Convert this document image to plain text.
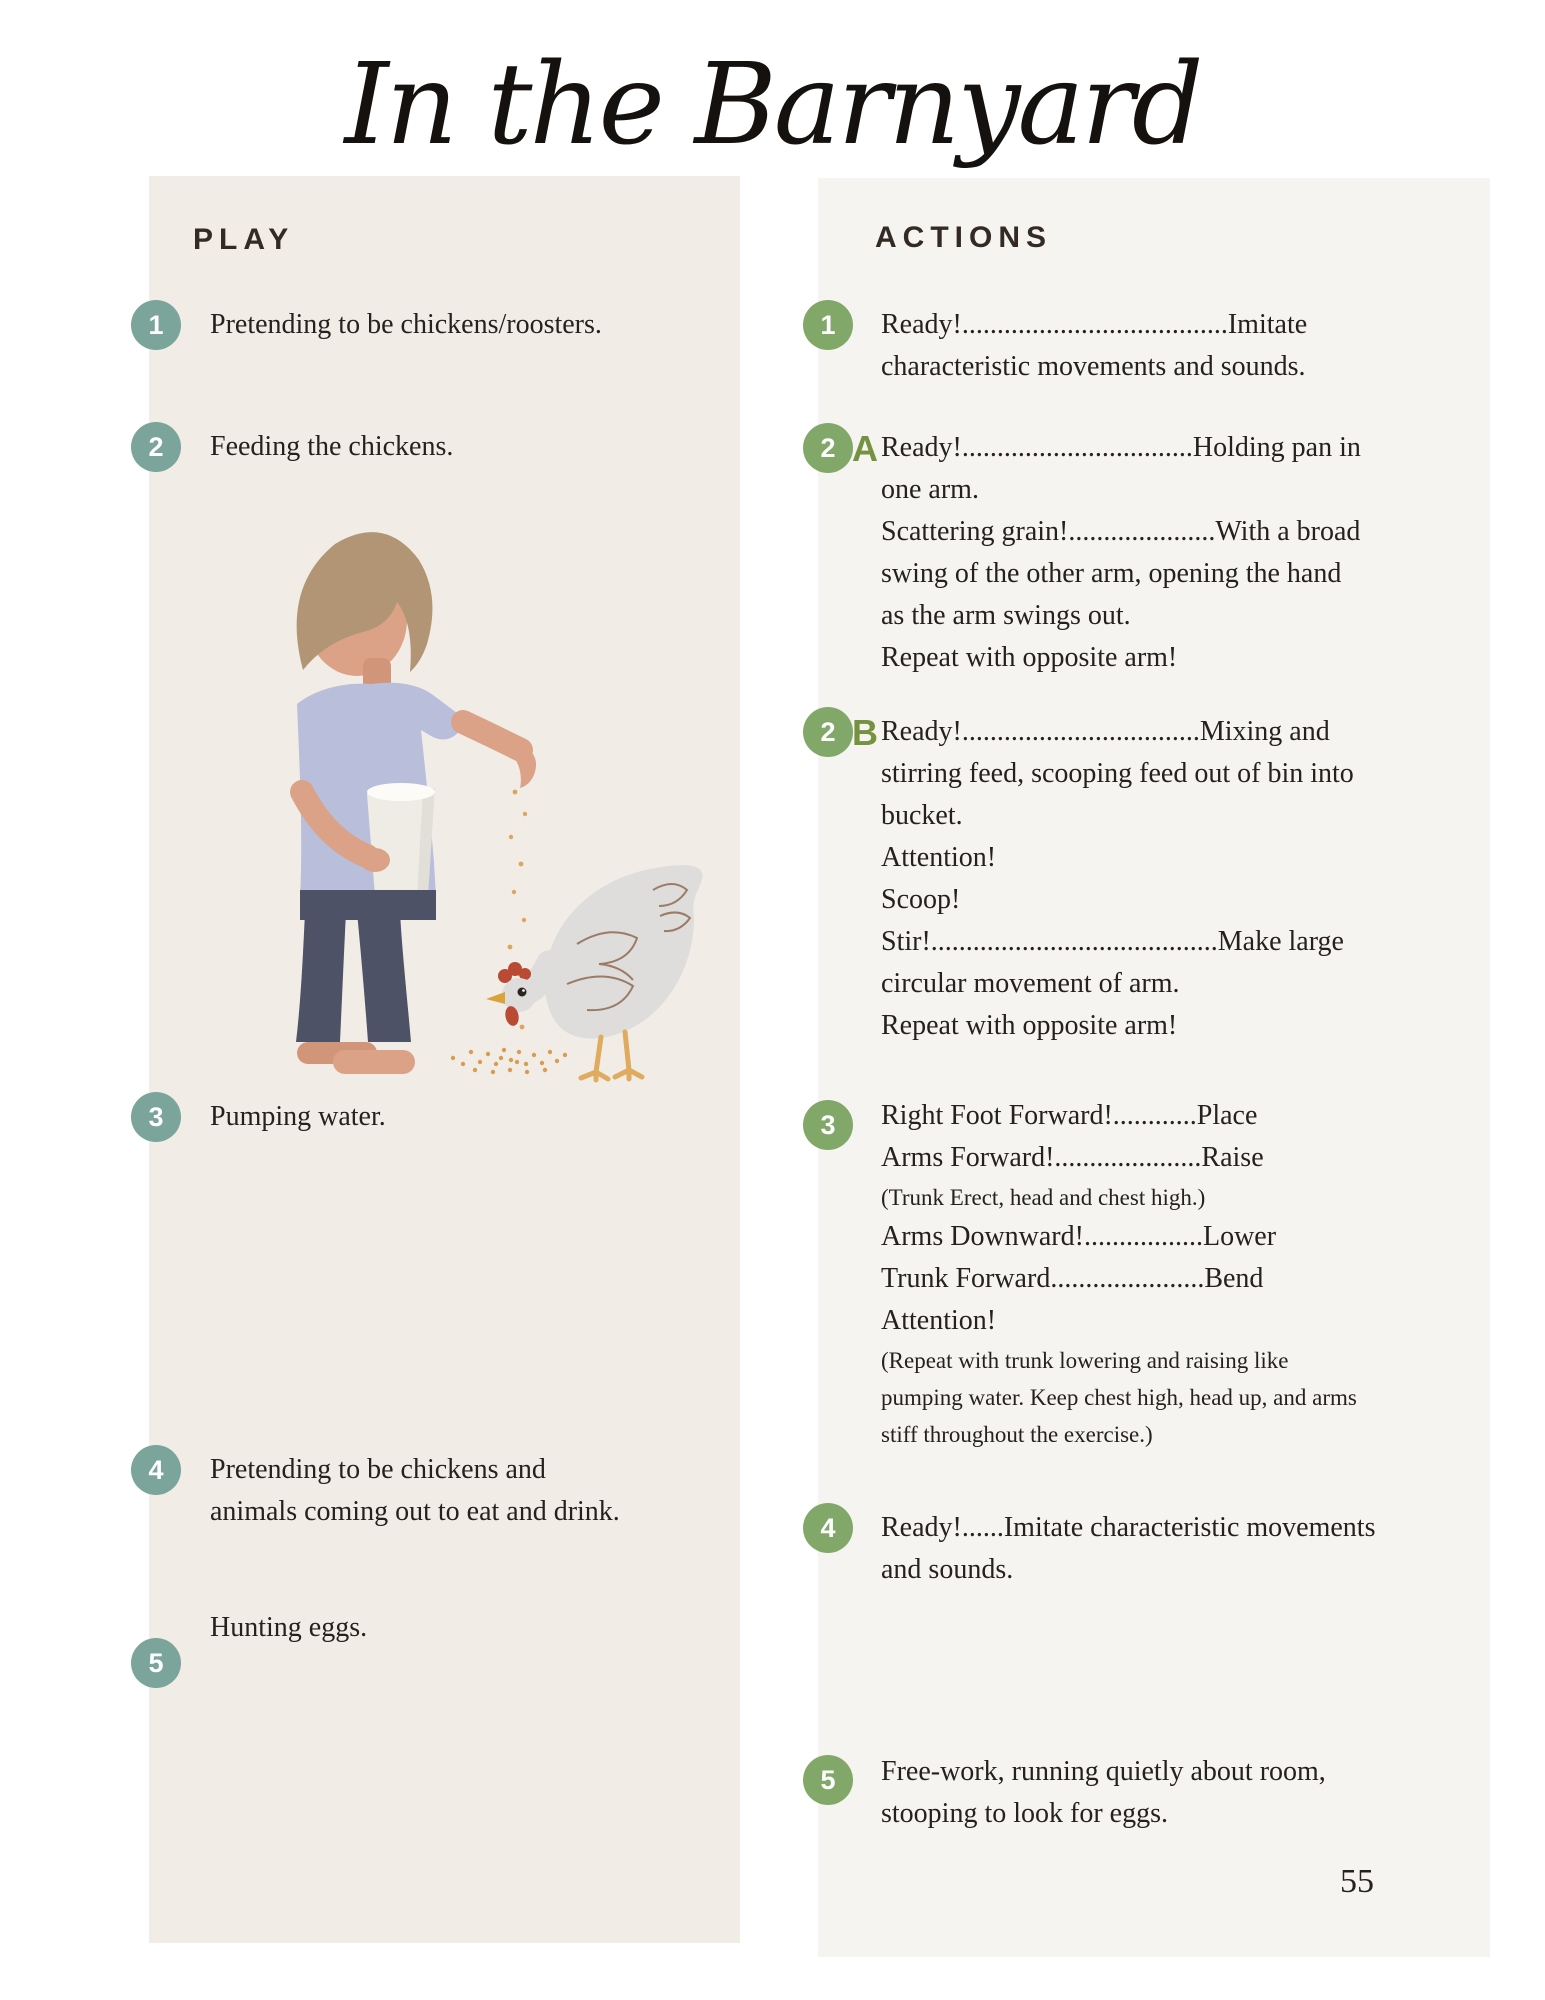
In the Barnyard
PLAY	ACTIONS
55
1	Pretending to be chickens/roosters.
2	Feeding the chickens.
3	Pumping water.
4	Pretending to be chickens and
animals coming out to eat and drink.
5
Hunting eggs.
1	Ready!......................................Imitate
characteristic movements and sounds.
2 A Ready!.................................Holding pan in
one arm.
Scattering grain!.....................With a broad
swing of the other arm, opening the hand
as the arm swings out.
Repeat with opposite arm!
2 B Ready!..................................Mixing and
stirring feed, scooping feed out of bin into
bucket.
Attention!
Scoop!
Stir!.........................................Make large
circular movement of arm.
Repeat with opposite arm!
3	Right Foot Forward!............Place
Arms Forward!.....................Raise
(Trunk Erect, head and chest high.)
Arms Downward!.................Lower
Trunk Forward......................Bend
Attention!
(Repeat with trunk lowering and raising like
pumping water. Keep chest high, head up, and arms
stiff throughout the exercise.)
4	Ready!......Imitate characteristic movements
and sounds.
5	Free-work, running quietly about room,
stooping to look for eggs.
